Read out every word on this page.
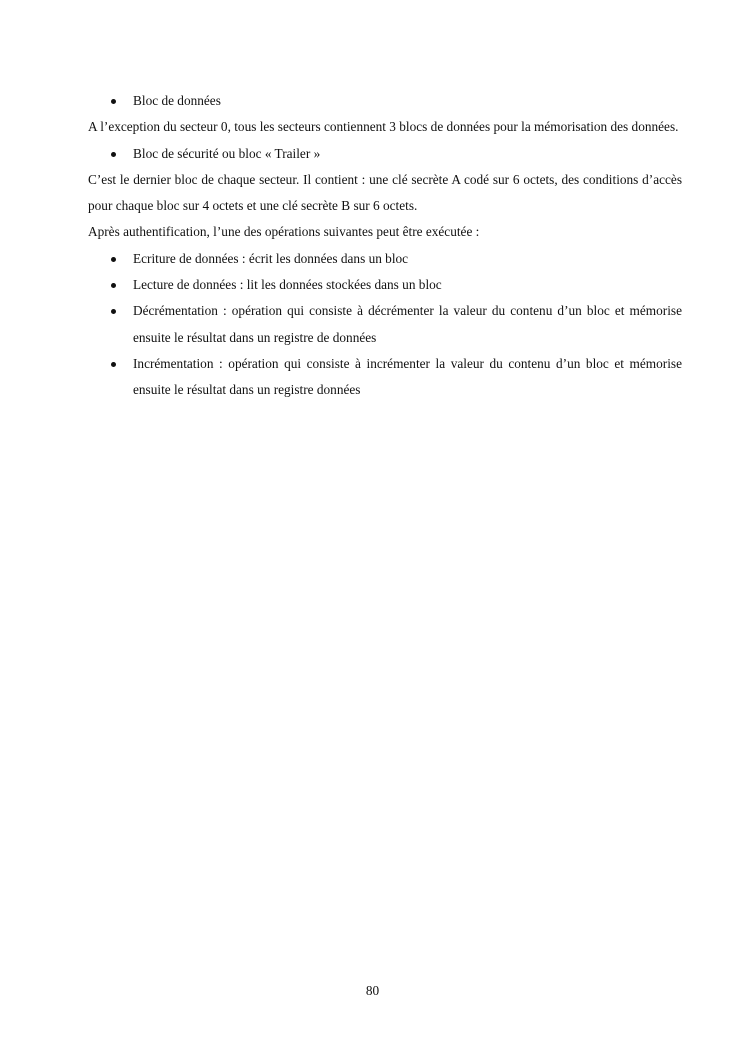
Bloc de données

A l’exception du secteur 0, tous les secteurs contiennent 3 blocs de données pour la mémorisation des données.

Bloc de sécurité ou bloc « Trailer »

C’est le dernier bloc de chaque secteur. Il contient : une clé secrète A codé sur 6 octets, des conditions d’accès pour chaque bloc sur 4 octets et une clé secrète B sur 6 octets.

Après authentification, l’une des opérations suivantes peut être exécutée :

Ecriture de données : écrit les données dans un bloc
Lecture de données : lit les données stockées dans un bloc
Décrémentation : opération qui consiste à décrémenter la valeur du contenu d’un bloc et mémorise ensuite le résultat dans un registre de données
Incrémentation : opération qui consiste à incrémenter la valeur du contenu d’un bloc et mémorise ensuite le résultat dans un registre données
80
